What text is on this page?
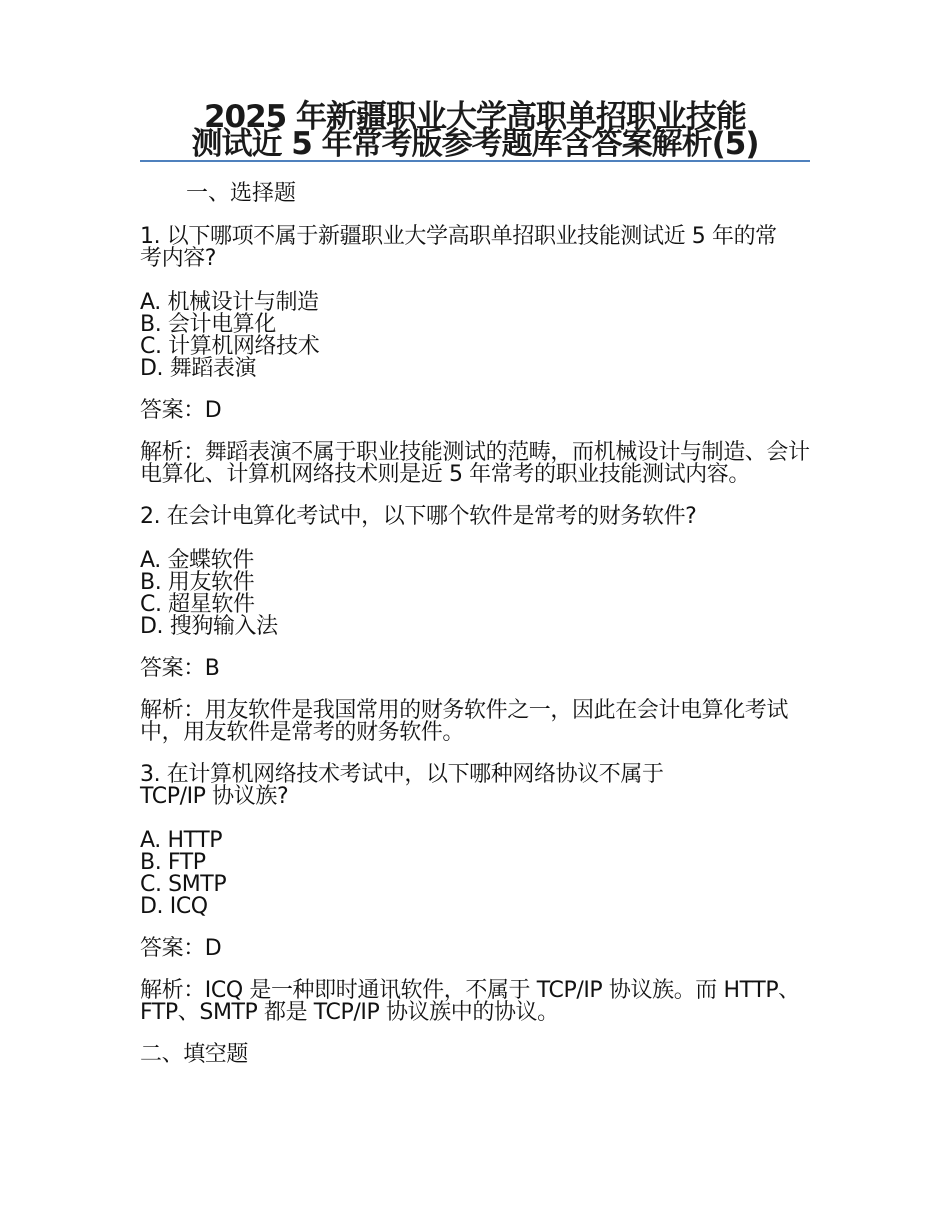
2025 年新疆职业大学高职单招职业技能
测试近 5 年常考版参考题库含答案解析(5)
一、选择题
1. 以下哪项不属于新疆职业大学高职单招职业技能测试近 5 年的常考内容?
A. 机械设计与制造
B. 会计电算化
C. 计算机网络技术
D. 舞蹈表演
答案：D
解析：舞蹈表演不属于职业技能测试的范畴，而机械设计与制造、会计电算化、计算机网络技术则是近 5 年常考的职业技能测试内容。
2. 在会计电算化考试中，以下哪个软件是常考的财务软件?
A. 金蝶软件
B. 用友软件
C. 超星软件
D. 搜狗输入法
答案：B
解析：用友软件是我国常用的财务软件之一，因此在会计电算化考试中，用友软件是常考的财务软件。
3. 在计算机网络技术考试中，以下哪种网络协议不属于 TCP/IP 协议族?
A. HTTP
B. FTP
C. SMTP
D. ICQ
答案：D
解析：ICQ 是一种即时通讯软件，不属于 TCP/IP 协议族。而 HTTP、FTP、SMTP 都是 TCP/IP 协议族中的协议。
二、填空题
